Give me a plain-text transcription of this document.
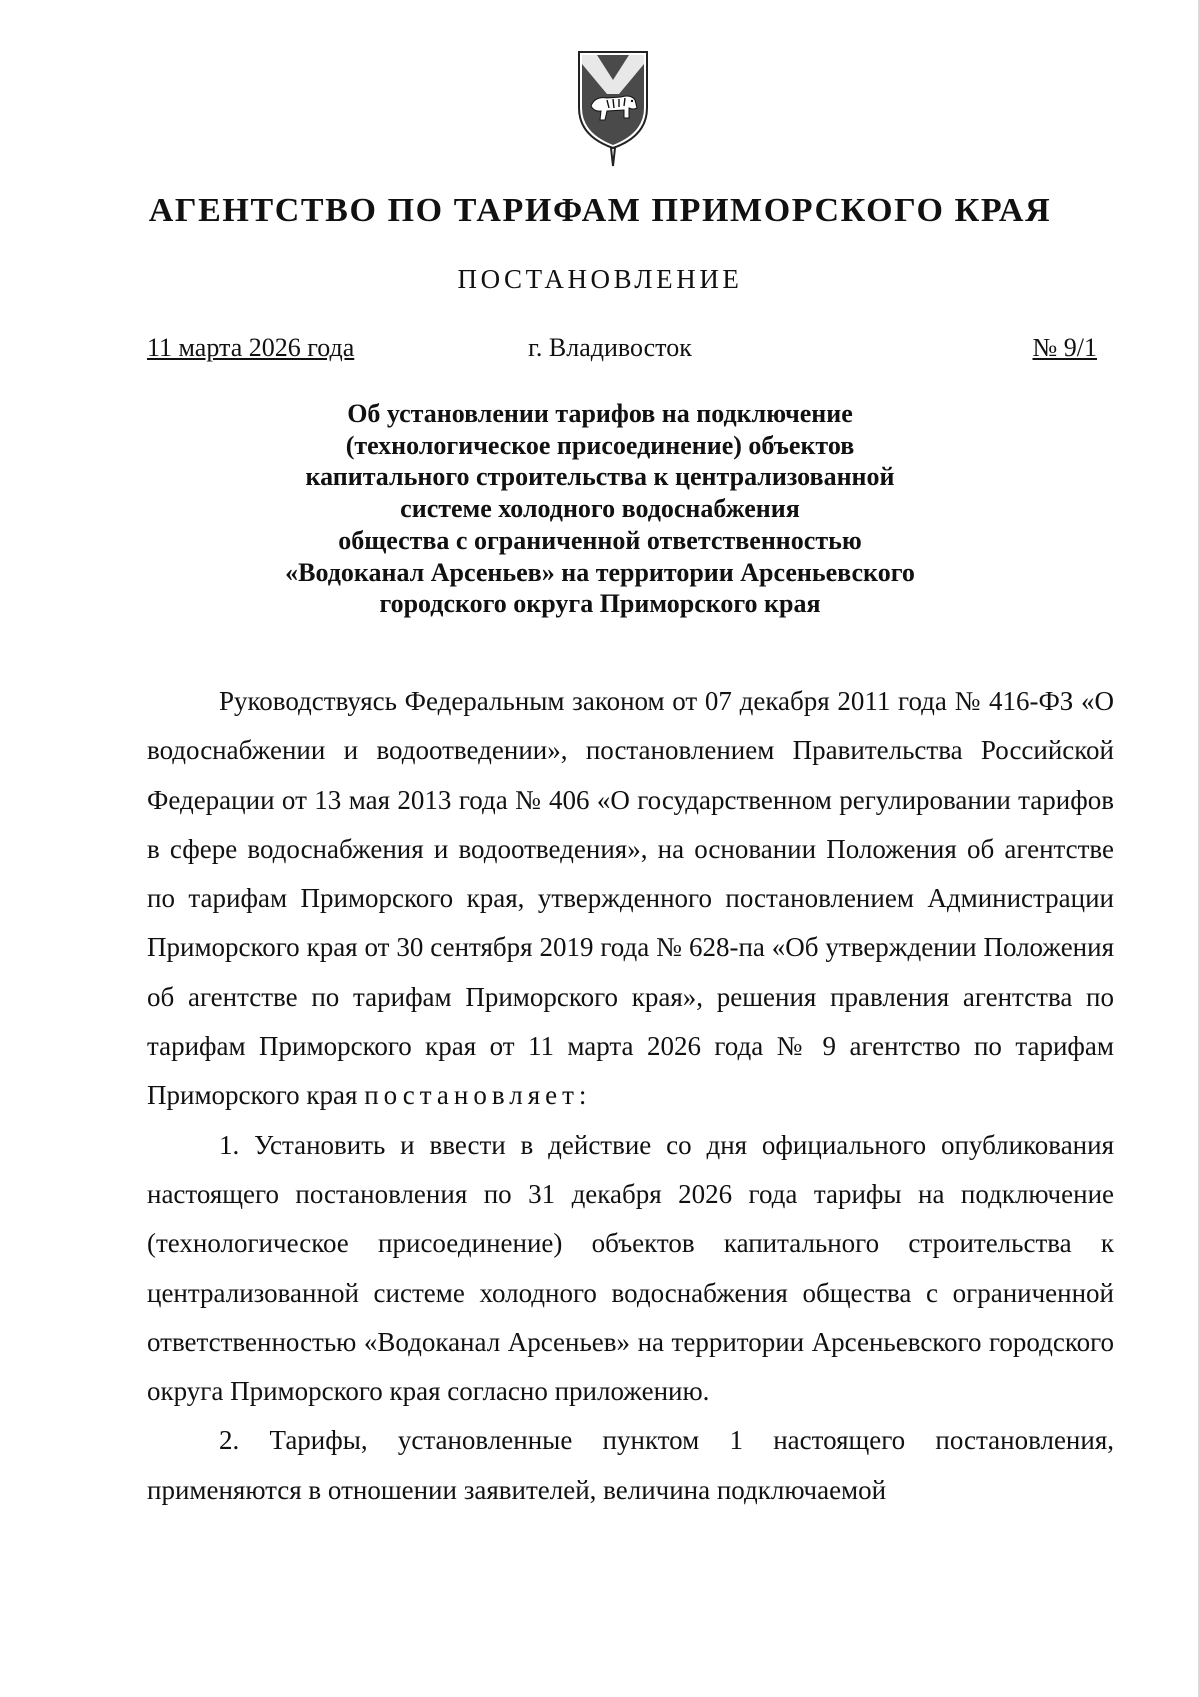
АГЕНТСТВО ПО ТАРИФАМ ПРИМОРСКОГО КРАЯ
ПОСТАНОВЛЕНИЕ
11 марта 2026 года	г. Владивосток	№ 9/1
Об установлении тарифов на подключение
(технологическое присоединение) объектов
капитального строительства к централизованной
системе холодного водоснабжения
общества с ограниченной ответственностью
«Водоканал Арсеньев» на территории Арсеньевского
городского округа Приморского края

Руководствуясь Федеральным законом от 07 декабря 2011 года № 416-ФЗ «О водоснабжении и водоотведении», постановлением Правительства Российской Федерации от 13 мая 2013 года № 406 «О государственном регулировании тарифов в сфере водоснабжения и водоотведения», на основании Положения об агентстве по тарифам Приморского края, утвержденного постановлением Администрации Приморского края от 30 сентября 2019 года № 628-па «Об утверждении Положения об агентстве по тарифам Приморского края», решения правления агентства по тарифам Приморского края от 11 марта 2026 года № 9 агентство по тарифам Приморского края постановляет:

1. Установить и ввести в действие со дня официального опубликования настоящего постановления по 31 декабря 2026 года тарифы на подключение (технологическое присоединение) объектов капитального строительства к централизованной системе холодного водоснабжения общества с ограниченной ответственностью «Водоканал Арсеньев» на территории Арсеньевского городского округа Приморского края согласно приложению.

2. Тарифы, установленные пунктом 1 настоящего постановления, применяются в отношении заявителей, величина подключаемой
